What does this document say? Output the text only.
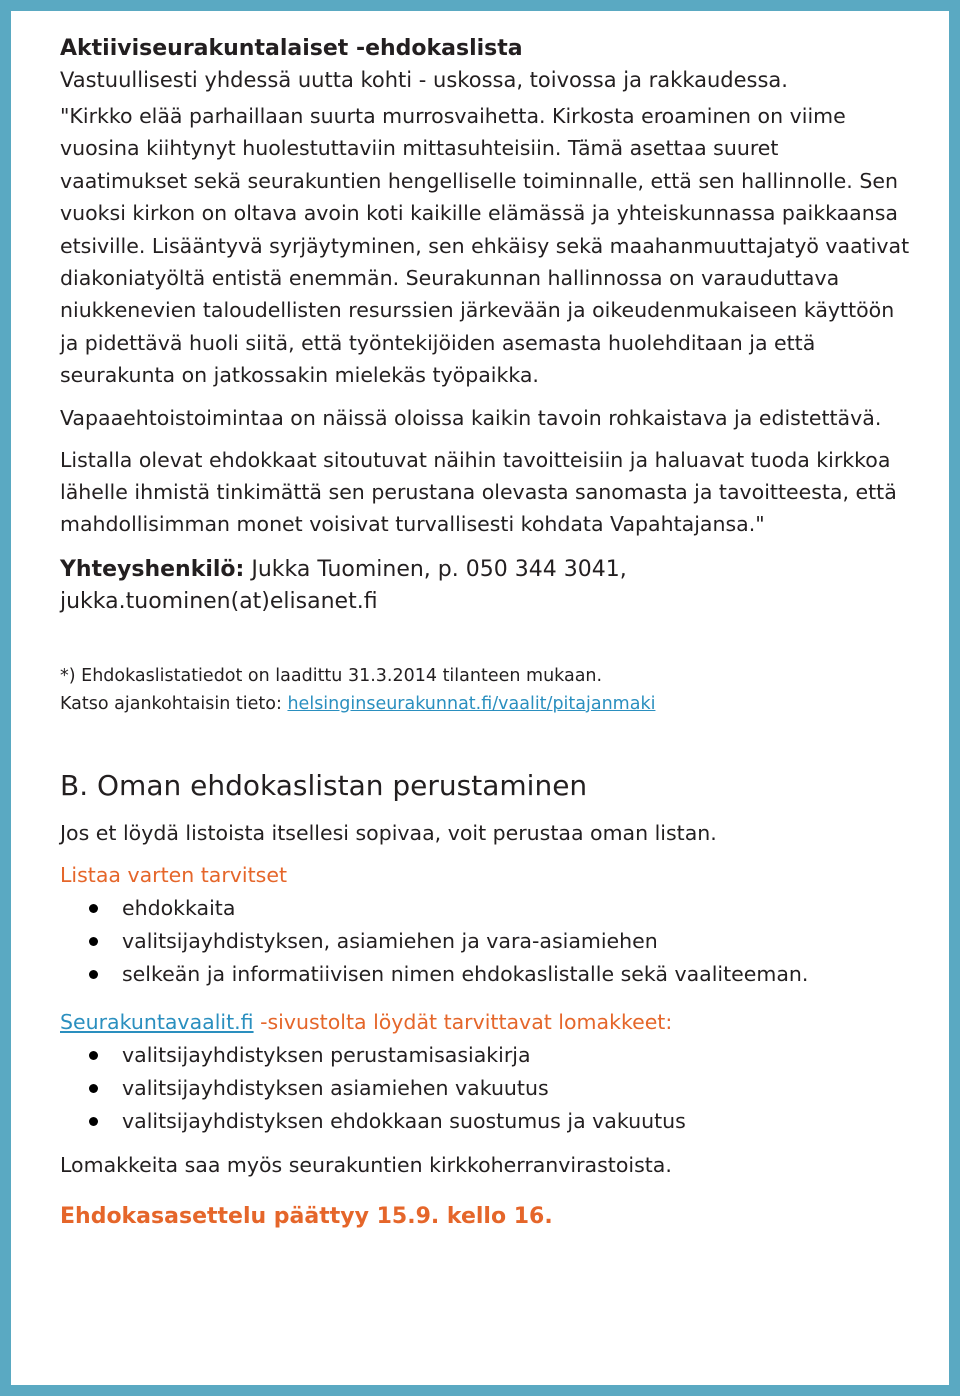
Aktiiviseurakuntalaiset -ehdokaslista

Vastuullisesti yhdessä uutta kohti - uskossa, toivossa ja rakkaudessa.

"Kirkko elää parhaillaan suurta murrosvaihetta. Kirkosta eroaminen on viime vuosina kiihtynyt huolestuttaviin mittasuhteisiin. Tämä asettaa suuret vaatimukset sekä seurakuntien hengelliselle toiminnalle, että sen hallinnolle. Sen vuoksi kirkon on oltava avoin koti kaikille elämässä ja yhteiskunnassa paikkaansa etsiville. Lisääntyvä syrjäytyminen, sen ehkäisy sekä maahanmuuttajatyö vaativat diakoniatyöltä entistä enemmän. Seurakunnan hallinnossa on varauduttava niukkenevien taloudellisten resurssien järkevään ja oikeudenmukaiseen käyttöön ja pidettävä huoli siitä, että työntekijöiden asemasta huolehditaan ja että seurakunta on jatkossakin mielekäs työpaikka.

Vapaaehtoistoimintaa on näissä oloissa kaikin tavoin rohkaistava ja edistettävä.

Listalla olevat ehdokkaat sitoutuvat näihin tavoitteisiin ja haluavat tuoda kirkkoa lähelle ihmistä tinkimättä sen perustana olevasta sanomasta ja tavoitteesta, että mahdollisimman monet voisivat turvallisesti kohdata Vapahtajansa."

Yhteyshenkilö: Jukka Tuominen, p. 050 344 3041,
jukka.tuominen(at)elisanet.fi

*) Ehdokaslistatiedot on laadittu 31.3.2014 tilanteen mukaan.
Katso ajankohtaisin tieto: helsinginseurakunnat.fi/vaalit/pitajanmaki
B. Oman ehdokaslistan perustaminen

Jos et löydä listoista itsellesi sopivaa, voit perustaa oman listan.

Listaa varten tarvitset

ehdokkaita
valitsijayhdistyksen, asiamiehen ja vara-asiamiehen
selkeän ja informatiivisen nimen ehdokaslistalle sekä vaaliteeman.

Seurakuntavaalit.fi -sivustolta löydät tarvittavat lomakkeet:

valitsijayhdistyksen perustamisasiakirja
valitsijayhdistyksen asiamiehen vakuutus
valitsijayhdistyksen ehdokkaan suostumus ja vakuutus

Lomakkeita saa myös seurakuntien kirkkoherranvirastoista.

Ehdokasasettelu päättyy 15.9. kello 16.
